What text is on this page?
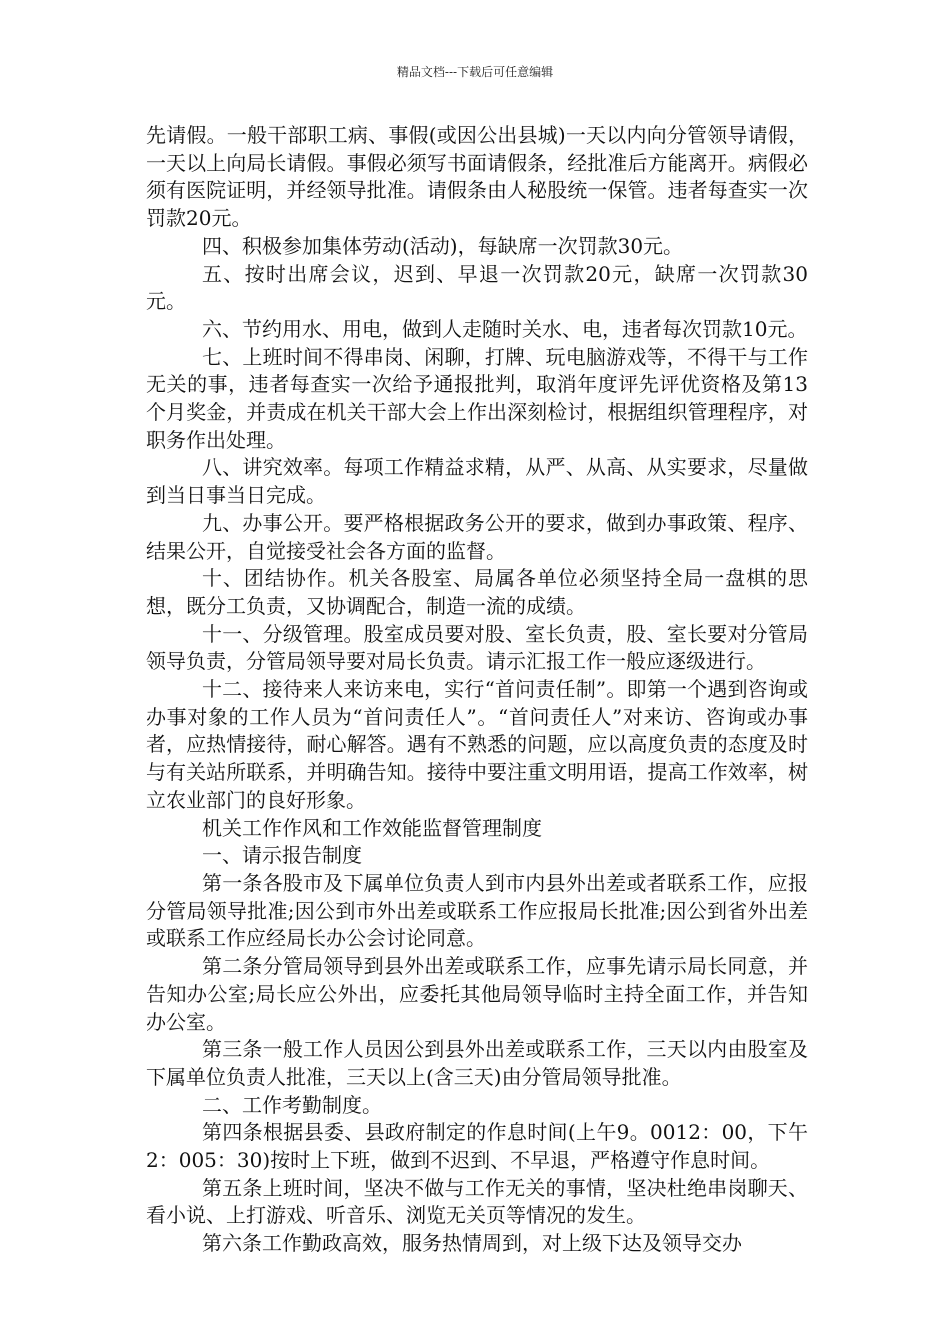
精品文档---下载后可任意编辑

先请假。一般干部职工病、事假(或因公出县城)一天以内向分管领导请假，一天以上向局长请假。事假必须写书面请假条，经批准后方能离开。病假必须有医院证明，并经领导批准。请假条由人秘股统一保管。违者每查实一次罚款20元。

四、积极参加集体劳动(活动)，每缺席一次罚款30元。

五、按时出席会议，迟到、早退一次罚款20元，缺席一次罚款30元。

六、节约用水、用电，做到人走随时关水、电，违者每次罚款10元。

七、上班时间不得串岗、闲聊，打牌、玩电脑游戏等，不得干与工作无关的事，违者每查实一次给予通报批判，取消年度评先评优资格及第13个月奖金，并责成在机关干部大会上作出深刻检讨，根据组织管理程序，对职务作出处理。

八、讲究效率。每项工作精益求精，从严、从高、从实要求，尽量做到当日事当日完成。

九、办事公开。要严格根据政务公开的要求，做到办事政策、程序、结果公开，自觉接受社会各方面的监督。

十、团结协作。机关各股室、局属各单位必须坚持全局一盘棋的思想，既分工负责，又协调配合，制造一流的成绩。

十一、分级管理。股室成员要对股、室长负责，股、室长要对分管局领导负责，分管局领导要对局长负责。请示汇报工作一般应逐级进行。

十二、接待来人来访来电，实行“首问责任制”。即第一个遇到咨询或办事对象的工作人员为“首问责任人”。“首问责任人”对来访、咨询或办事者，应热情接待，耐心解答。遇有不熟悉的问题，应以高度负责的态度及时与有关站所联系，并明确告知。接待中要注重文明用语，提高工作效率，树立农业部门的良好形象。

机关工作作风和工作效能监督管理制度

一、请示报告制度

第一条各股市及下属单位负责人到市内县外出差或者联系工作，应报分管局领导批准;因公到市外出差或联系工作应报局长批准;因公到省外出差或联系工作应经局长办公会讨论同意。

第二条分管局领导到县外出差或联系工作，应事先请示局长同意，并告知办公室;局长应公外出，应委托其他局领导临时主持全面工作，并告知办公室。

第三条一般工作人员因公到县外出差或联系工作，三天以内由股室及下属单位负责人批准，三天以上(含三天)由分管局领导批准。

二、工作考勤制度。

第四条根据县委、县政府制定的作息时间(上午9。0012：00，下午2：005：30)按时上下班，做到不迟到、不早退，严格遵守作息时间。

第五条上班时间，坚决不做与工作无关的事情，坚决杜绝串岗聊天、看小说、上打游戏、听音乐、浏览无关页等情况的发生。

第六条工作勤政高效，服务热情周到，对上级下达及领导交办
